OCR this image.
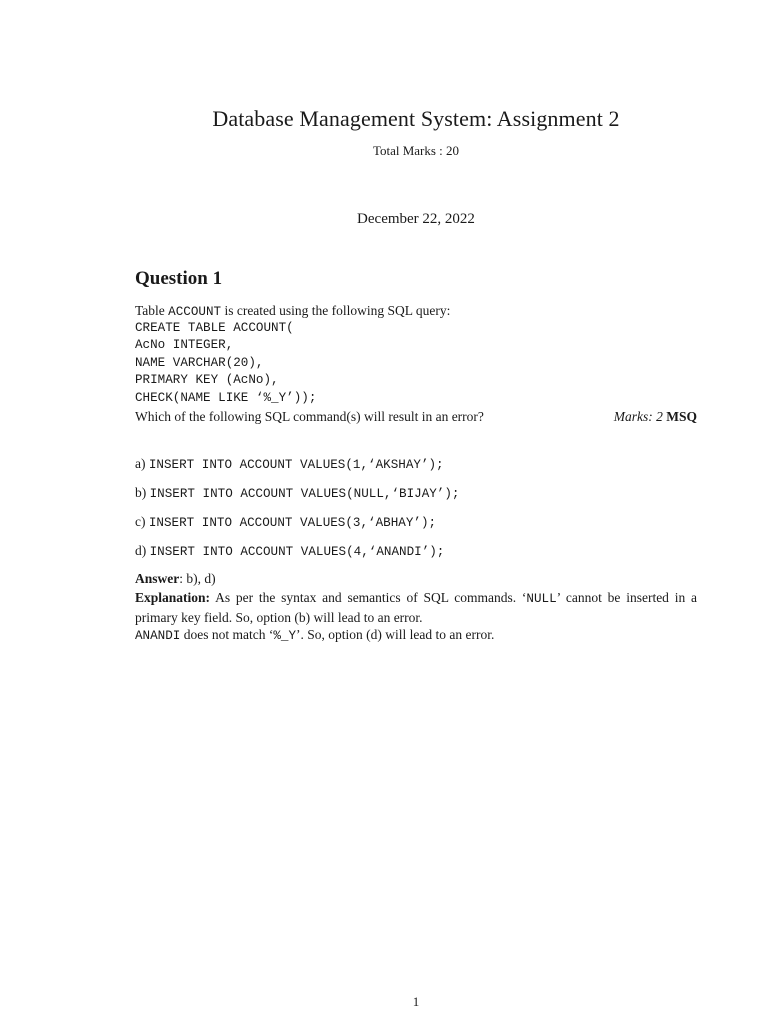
Database Management System: Assignment 2
Total Marks : 20
December 22, 2022
Question 1
Table ACCOUNT is created using the following SQL query:
CREATE TABLE ACCOUNT(
AcNo INTEGER,
NAME VARCHAR(20),
PRIMARY KEY (AcNo),
CHECK(NAME LIKE ‘%_Y’));
Which of the following SQL command(s) will result in an error?	Marks: 2 MSQ
a) INSERT INTO ACCOUNT VALUES(1,‘AKSHAY’);
b) INSERT INTO ACCOUNT VALUES(NULL,‘BIJAY’);
c) INSERT INTO ACCOUNT VALUES(3,‘ABHAY’);
d) INSERT INTO ACCOUNT VALUES(4,‘ANANDI’);
Answer: b), d)
Explanation: As per the syntax and semantics of SQL commands. ‘NULL’ cannot be inserted in a primary key field. So, option (b) will lead to an error.
ANANDI does not match ‘%_Y’. So, option (d) will lead to an error.
1
